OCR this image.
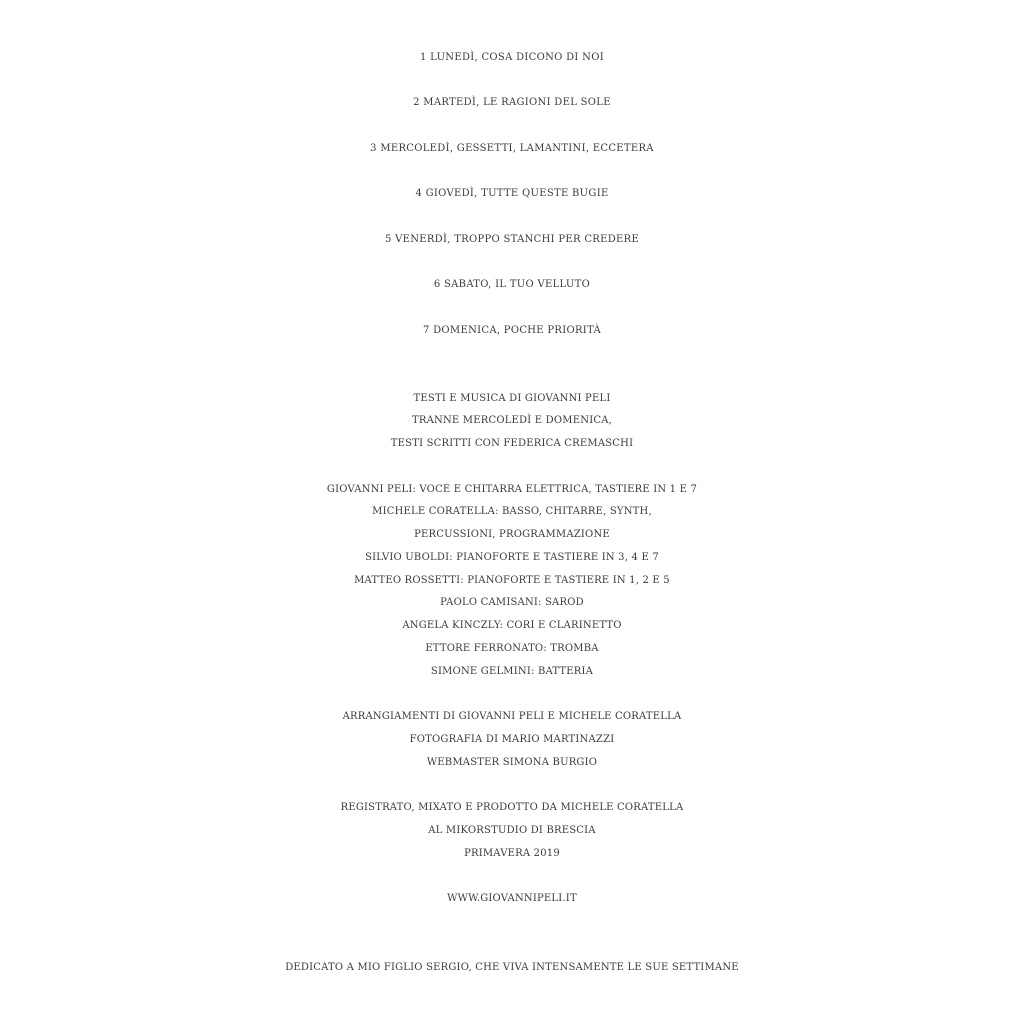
1 LUNEDÌ, COSA DICONO DI NOI
2 MARTEDÌ, LE RAGIONI DEL SOLE
3 MERCOLEDÌ, GESSETTI, LAMANTINI, ECCETERA
4 GIOVEDÌ, TUTTE QUESTE BUGIE
5 VENERDÌ, TROPPO STANCHI PER CREDERE
6 SABATO, IL TUO VELLUTO
7 DOMENICA, POCHE PRIORITÀ
TESTI E MUSICA DI GIOVANNI PELI
TRANNE MERCOLEDÌ E DOMENICA,
TESTI SCRITTI CON FEDERICA CREMASCHI
GIOVANNI PELI: VOCE E CHITARRA ELETTRICA, TASTIERE IN 1 E 7
MICHELE CORATELLA: BASSO, CHITARRE, SYNTH,
PERCUSSIONI, PROGRAMMAZIONE
SILVIO UBOLDI: PIANOFORTE E TASTIERE IN 3, 4 E 7
MATTEO ROSSETTI: PIANOFORTE E TASTIERE IN 1, 2 E 5
PAOLO CAMISANI: SAROD
ANGELA KINCZLY: CORI E CLARINETTO
ETTORE FERRONATO: TROMBA
SIMONE GELMINI: BATTERIA
ARRANGIAMENTI DI GIOVANNI PELI E MICHELE CORATELLA
FOTOGRAFIA DI MARIO MARTINAZZI
WEBMASTER SIMONA BURGIO
REGISTRATO, MIXATO E PRODOTTO DA MICHELE CORATELLA
AL MIKORSTUDIO DI BRESCIA
PRIMAVERA 2019
WWW.GIOVANNIPELI.IT
DEDICATO A MIO FIGLIO SERGIO, CHE VIVA INTENSAMENTE LE SUE SETTIMANE
